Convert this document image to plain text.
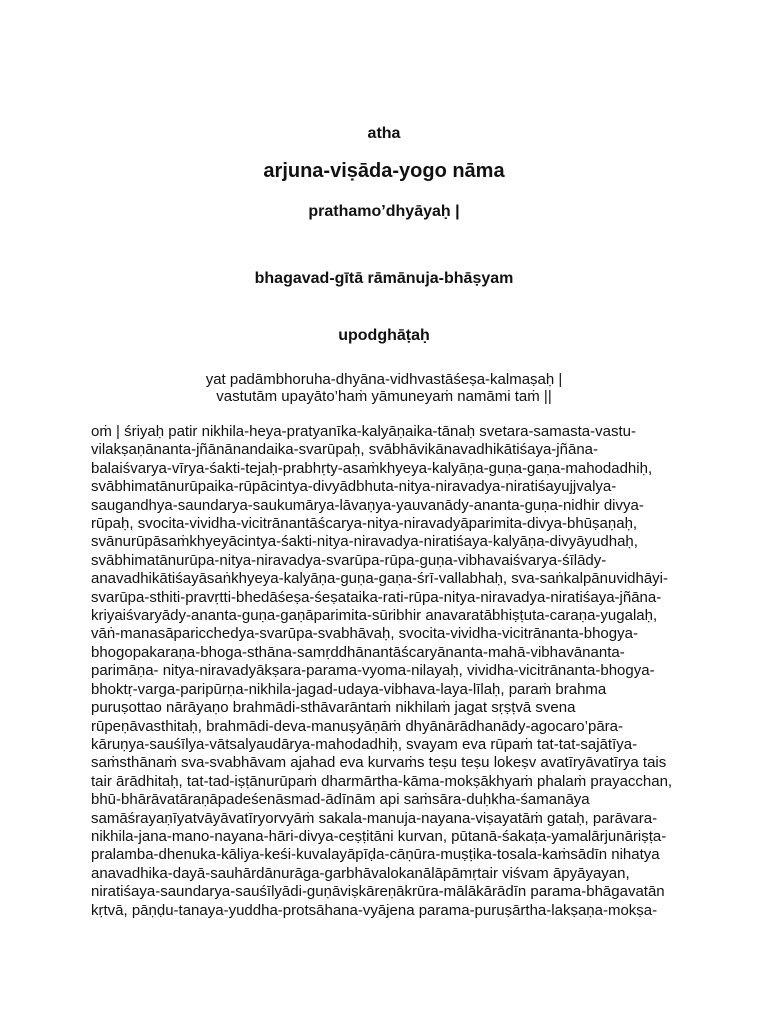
atha
arjuna-viṣāda-yogo nāma
prathamo’dhyāyaḥ |
bhagavad-gītā rāmānuja-bhāṣyam
upodghāṭaḥ
yat padāmbhoruha-dhyāna-vidhvastāśeṣa-kalmaṣaḥ |
vastutām upayāto’haṁ yāmuneyaṁ namāmi taṁ ||
oṁ | śriyaḥ patir nikhila-heya-pratyanīka-kalyāṇaika-tānaḥ svetara-samasta-vastu-
vilakṣaṇānanta-jñānānandaika-svarūpaḥ, svābhāvikānavadhikātiśaya-jñāna-
balaiśvarya-vīrya-śakti-tejaḥ-prabhṛty-asaṁkhyeya-kalyāṇa-guṇa-gaṇa-mahodadhiḥ,
svābhimatānurūpaika-rūpācintya-divyādbhuta-nitya-niravadya-niratiśayujjvalya-
saugandhya-saundarya-saukumārya-lāvaṇya-yauvanādy-ananta-guṇa-nidhir divya-
rūpaḥ, svocita-vividha-vicitrānantāścarya-nitya-niravadyāparimita-divya-bhūṣaṇaḥ,
svānurūpāsaṁkhyeyācintya-śakti-nitya-niravadya-niratiśaya-kalyāṇa-divyāyudhaḥ,
svābhimatānurūpa-nitya-niravadya-svarūpa-rūpa-guṇa-vibhavaiśvarya-śīlādy-
anavadhikātiśayāsaṅkhyeya-kalyāṇa-guṇa-gaṇa-śrī-vallabhaḥ, sva-saṅkalpānuvidhāyi-
svarūpa-sthiti-pravṛtti-bhedāśeṣa-śeṣataika-rati-rūpa-nitya-niravadya-niratiśaya-jñāna-
kriyaiśvaryādy-ananta-guṇa-gaṇāparimita-sūribhir anavaratābhiṣṭuta-caraṇa-yugalaḥ,
vāṅ-manasāparicchedya-svarūpa-svabhāvaḥ, svocita-vividha-vicitrānanta-bhogya-
bhogopakaraṇa-bhoga-sthāna-samṛddhānantāścaryānanta-mahā-vibhavānanta-
parimāṇa- nitya-niravadyākṣara-parama-vyoma-nilayaḥ, vividha-vicitrānanta-bhogya-
bhoktṛ-varga-paripūrṇa-nikhila-jagad-udaya-vibhava-laya-līlaḥ, paraṁ brahma
puruṣottao nārāyaṇo brahmādi-sthāvarāntaṁ nikhilaṁ jagat sṛṣṭvā svena
rūpeṇāvasthitaḥ, brahmādi-deva-manuṣyāṇāṁ dhyānārādhanādy-agocaro’pāra-
kāruṇya-sauśīlya-vātsalyaudārya-mahodadhiḥ, svayam eva rūpaṁ tat-tat-sajātīya-
saṁsthānaṁ sva-svabhāvam ajahad eva kurvaṁs teṣu teṣu lokeṣv avatīryāvatīrya tais
tair ārādhitaḥ, tat-tad-iṣṭānurūpaṁ dharmārtha-kāma-mokṣākhyaṁ phalaṁ prayacchan,
bhū-bhārāvatāraṇāpadeśenāsmad-ādīnām api saṁsāra-duḥkha-śamanāya
samāśrayaṇīyatvāyāvatīryorvyāṁ sakala-manuja-nayana-viṣayatāṁ gataḥ, parāvara-
nikhila-jana-mano-nayana-hāri-divya-ceṣṭitāni kurvan, pūtanā-śakaṭa-yamalārjunāriṣṭa-
pralamba-dhenuka-kāliya-keśi-kuvalayāpīḍa-cāṇūra-muṣṭika-tosala-kaṁsādīn nihatya
anavadhika-dayā-sauhārdānurāga-garbhāvalokanālāpāmṛtair viśvam āpyāyayan,
niratiśaya-saundarya-sauśīlyādi-guṇāviṣkāreṇākrūra-mālākārādīn parama-bhāgavatān
kṛtvā, pāṇḍu-tanaya-yuddha-protsāhana-vyājena parama-puruṣārtha-lakṣaṇa-mokṣa-
